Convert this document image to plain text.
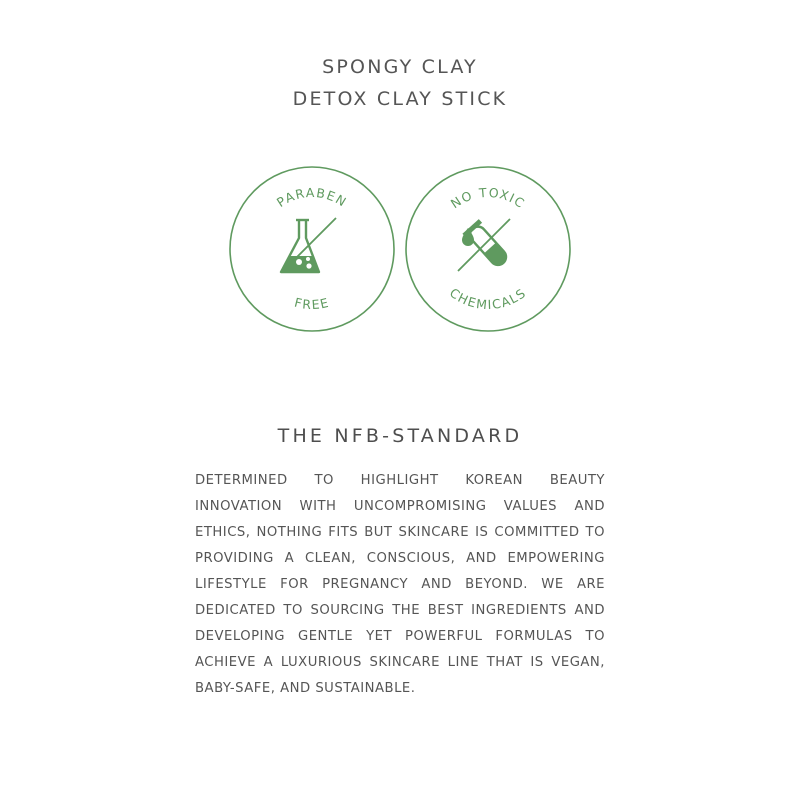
SPONGY CLAY
DETOX CLAY STICK
PARABEN
FREE
NO TOXIC
CHEMICALS
THE NFB-STANDARD
DETERMINED TO HIGHLIGHT KOREAN BEAUTY
INNOVATION WITH UNCOMPROMISING VALUES AND
ETHICS, NOTHING FITS BUT SKINCARE IS COMMITTED TO
PROVIDING A CLEAN, CONSCIOUS, AND EMPOWERING
LIFESTYLE FOR PREGNANCY AND BEYOND. WE ARE
DEDICATED TO SOURCING THE BEST INGREDIENTS AND
DEVELOPING GENTLE YET POWERFUL FORMULAS TO
ACHIEVE A LUXURIOUS SKINCARE LINE THAT IS VEGAN,
BABY-SAFE, AND SUSTAINABLE.
